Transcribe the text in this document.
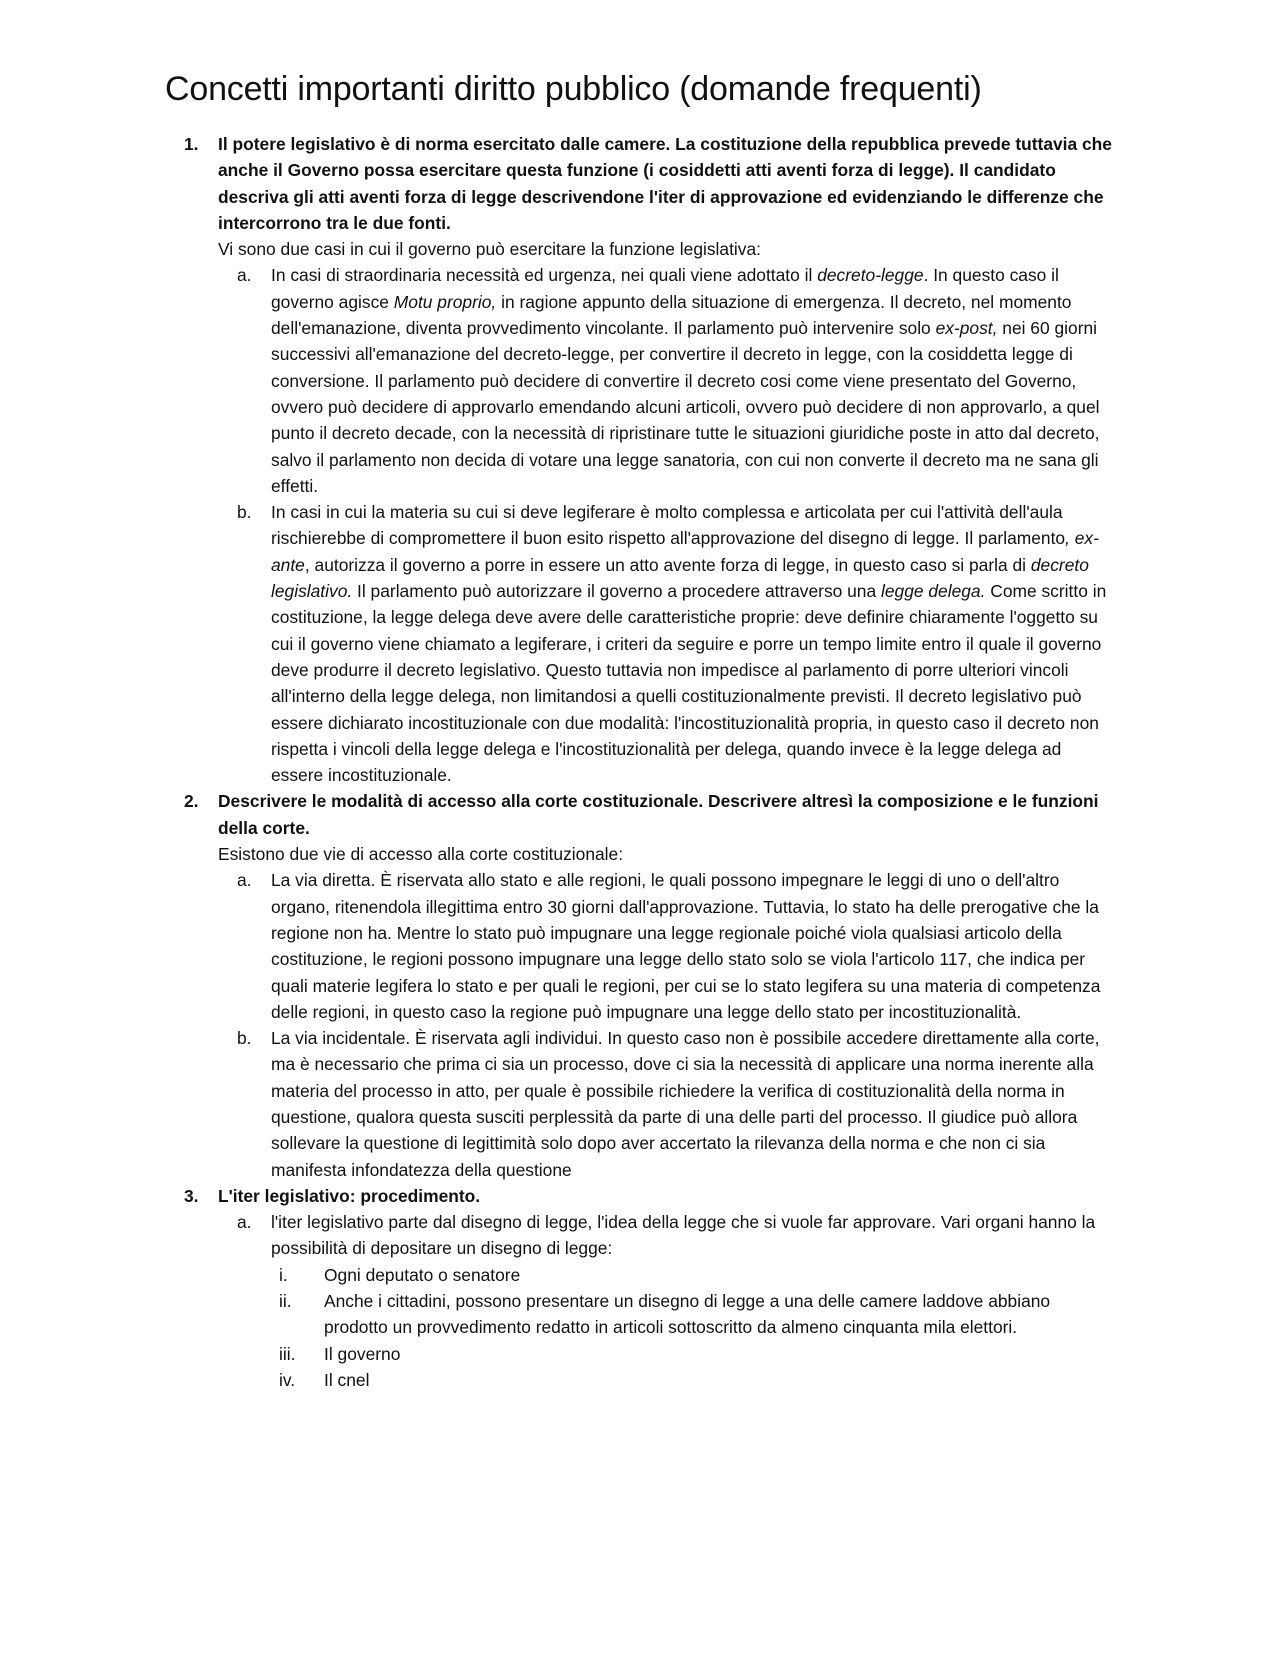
Concetti importanti diritto pubblico (domande frequenti)
1. Il potere legislativo è di norma esercitato dalle camere. La costituzione della repubblica prevede tuttavia che anche il Governo possa esercitare questa funzione (i cosiddetti atti aventi forza di legge). Il candidato descriva gli atti aventi forza di legge descrivendone l'iter di approvazione ed evidenziando le differenze che intercorrono tra le due fonti.
Vi sono due casi in cui il governo può esercitare la funzione legislativa:
a. In casi di straordinaria necessità ed urgenza, nei quali viene adottato il decreto-legge. In questo caso il governo agisce Motu proprio, in ragione appunto della situazione di emergenza. Il decreto, nel momento dell'emanazione, diventa provvedimento vincolante. Il parlamento può intervenire solo ex-post, nei 60 giorni successivi all'emanazione del decreto-legge, per convertire il decreto in legge, con la cosiddetta legge di conversione. Il parlamento può decidere di convertire il decreto cosi come viene presentato del Governo, ovvero può decidere di approvarlo emendando alcuni articoli, ovvero può decidere di non approvarlo, a quel punto il decreto decade, con la necessità di ripristinare tutte le situazioni giuridiche poste in atto dal decreto, salvo il parlamento non decida di votare una legge sanatoria, con cui non converte il decreto ma ne sana gli effetti.
b. In casi in cui la materia su cui si deve legiferare è molto complessa e articolata per cui l'attività dell'aula rischierebbe di compromettere il buon esito rispetto all'approvazione del disegno di legge. Il parlamento, ex-ante, autorizza il governo a porre in essere un atto avente forza di legge, in questo caso si parla di decreto legislativo. Il parlamento può autorizzare il governo a procedere attraverso una legge delega. Come scritto in costituzione, la legge delega deve avere delle caratteristiche proprie: deve definire chiaramente l'oggetto su cui il governo viene chiamato a legiferare, i criteri da seguire e porre un tempo limite entro il quale il governo deve produrre il decreto legislativo. Questo tuttavia non impedisce al parlamento di porre ulteriori vincoli all'interno della legge delega, non limitandosi a quelli costituzionalmente previsti. Il decreto legislativo può essere dichiarato incostituzionale con due modalità: l'incostituzionalità propria, in questo caso il decreto non rispetta i vincoli della legge delega e l'incostituzionalità per delega, quando invece è la legge delega ad essere incostituzionale.
2. Descrivere le modalità di accesso alla corte costituzionale. Descrivere altresì la composizione e le funzioni della corte.
Esistono due vie di accesso alla corte costituzionale:
a. La via diretta. È riservata allo stato e alle regioni, le quali possono impegnare le leggi di uno o dell'altro organo, ritenendola illegittima entro 30 giorni dall'approvazione. Tuttavia, lo stato ha delle prerogative che la regione non ha. Mentre lo stato può impugnare una legge regionale poiché viola qualsiasi articolo della costituzione, le regioni possono impugnare una legge dello stato solo se viola l'articolo 117, che indica per quali materie legifera lo stato e per quali le regioni, per cui se lo stato legifera su una materia di competenza delle regioni, in questo caso la regione può impugnare una legge dello stato per incostituzionalità.
b. La via incidentale. È riservata agli individui. In questo caso non è possibile accedere direttamente alla corte, ma è necessario che prima ci sia un processo, dove ci sia la necessità di applicare una norma inerente alla materia del processo in atto, per quale è possibile richiedere la verifica di costituzionalità della norma in questione, qualora questa susciti perplessità da parte di una delle parti del processo. Il giudice può allora sollevare la questione di legittimità solo dopo aver accertato la rilevanza della norma e che non ci sia manifesta infondatezza della questione
3. L'iter legislativo: procedimento.
a. l'iter legislativo parte dal disegno di legge, l'idea della legge che si vuole far approvare. Vari organi hanno la possibilità di depositare un disegno di legge:
i.	Ogni deputato o senatore
ii.	Anche i cittadini, possono presentare un disegno di legge a una delle camere laddove abbiano prodotto un provvedimento redatto in articoli sottoscritto da almeno cinquanta mila elettori.
iii.	Il governo
iv.	Il cnel
